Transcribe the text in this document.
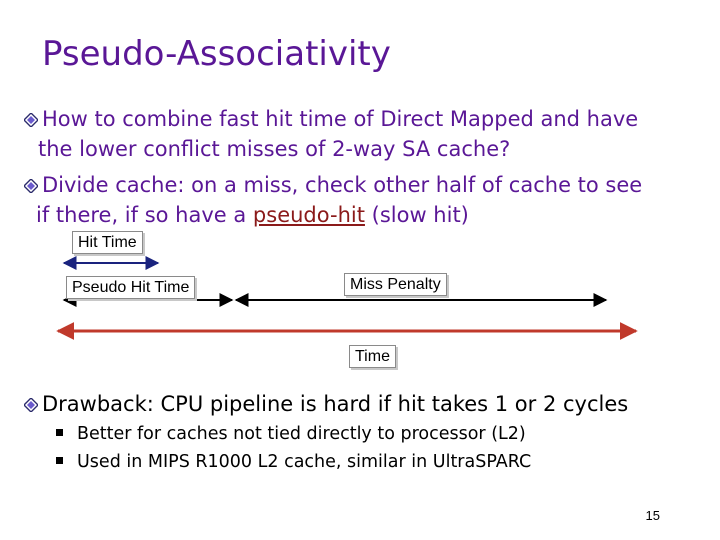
Pseudo-Associativity
How to combine fast hit time of Direct Mapped and have
the lower conflict misses of 2-way SA cache?
Divide cache: on a miss, check other half of cache to see
if there, if so have a pseudo-hit (slow hit)
Hit Time
Pseudo Hit Time	Miss Penalty
Time
Drawback: CPU pipeline is hard if hit takes 1 or 2 cycles
Better for caches not tied directly to processor (L2)
Used in MIPS R1000 L2 cache, similar in UltraSPARC
15
